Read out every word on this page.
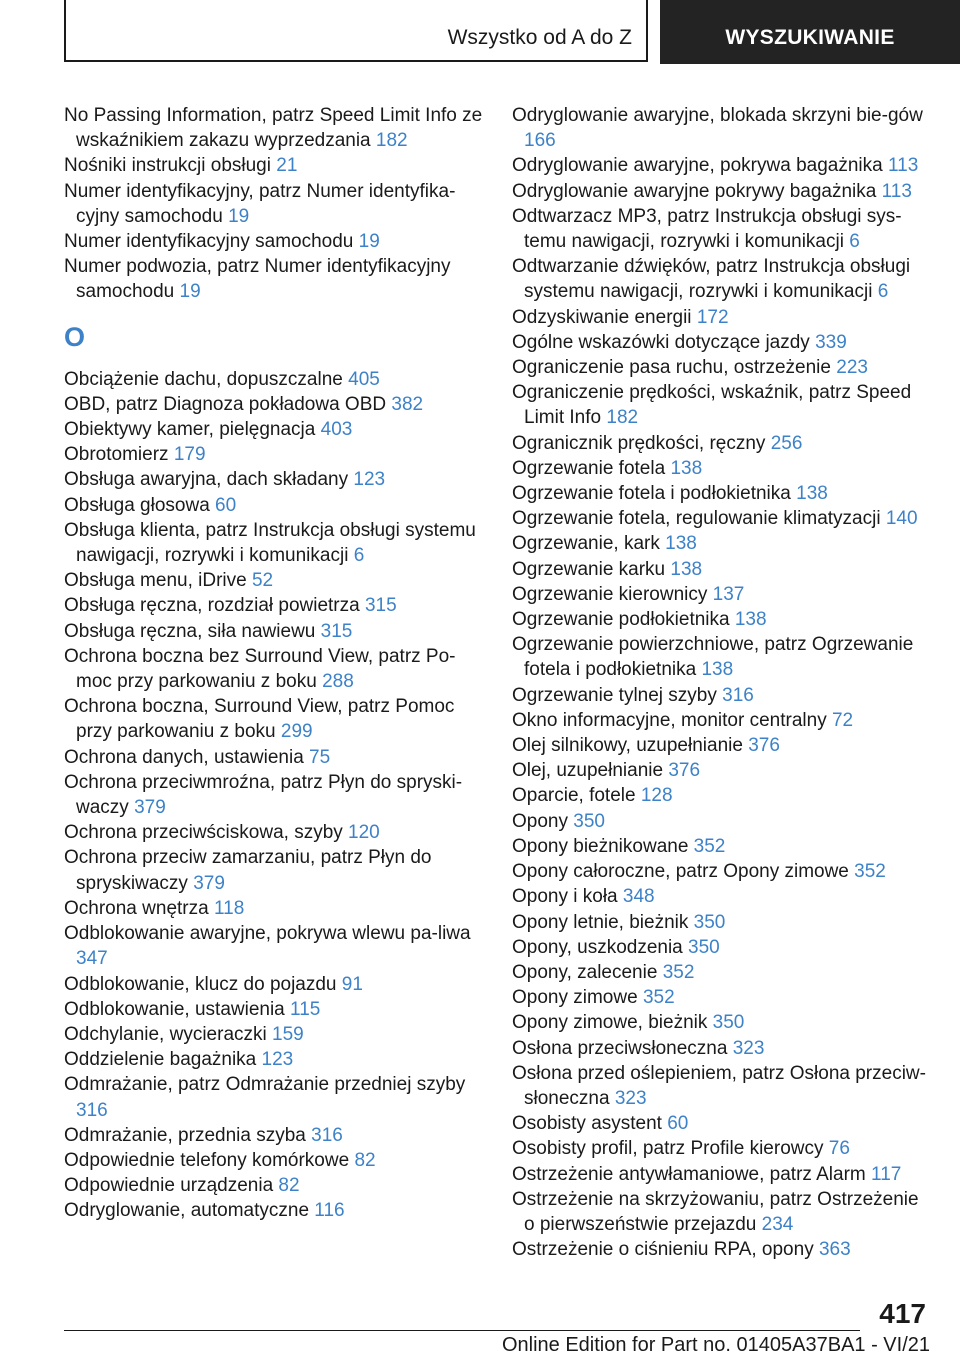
Wszystko od A do Z	WYSZUKIWANIE

No Passing Information, patrz Speed Limit Info ze wskaźnikiem zakazu wyprzedzania 182

Nośniki instrukcji obsługi 21

Numer identyfikacyjny, patrz Numer identyfika‐cyjny samochodu 19

Numer identyfikacyjny samochodu 19

Numer podwozia, patrz Numer identyfikacyjny samochodu 19

O

Obciążenie dachu, dopuszczalne 405

OBD, patrz Diagnoza pokładowa OBD 382

Obiektywy kamer, pielęgnacja 403

Obrotomierz 179

Obsługa awaryjna, dach składany 123

Obsługa głosowa 60

Obsługa klienta, patrz Instrukcja obsługi systemu nawigacji, rozrywki i komunikacji 6

Obsługa menu, iDrive 52

Obsługa ręczna, rozdział powietrza 315

Obsługa ręczna, siła nawiewu 315

Ochrona boczna bez Surround View, patrz Po‐moc przy parkowaniu z boku 288

Ochrona boczna, Surround View, patrz Pomoc przy parkowaniu z boku 299

Ochrona danych, ustawienia 75

Ochrona przeciwmroźna, patrz Płyn do spryski‐waczy 379

Ochrona przeciwściskowa, szyby 120

Ochrona przeciw zamarzaniu, patrz Płyn do spryskiwaczy 379

Ochrona wnętrza 118

Odblokowanie awaryjne, pokrywa wlewu pa‐liwa 347

Odblokowanie, klucz do pojazdu 91

Odblokowanie, ustawienia 115

Odchylanie, wycieraczki 159

Oddzielenie bagażnika 123

Odmrażanie, patrz Odmrażanie przedniej szyby 316

Odmrażanie, przednia szyba 316

Odpowiednie telefony komórkowe 82

Odpowiednie urządzenia 82

Odryglowanie, automatyczne 116

Odryglowanie awaryjne, blokada skrzyni bie‐gów 166

Odryglowanie awaryjne, pokrywa bagażnika 113

Odryglowanie awaryjne pokrywy bagażnika 113

Odtwarzacz MP3, patrz Instrukcja obsługi sys‐temu nawigacji, rozrywki i komunikacji 6

Odtwarzanie dźwięków, patrz Instrukcja obsługi systemu nawigacji, rozrywki i komunikacji 6

Odzyskiwanie energii 172

Ogólne wskazówki dotyczące jazdy 339

Ograniczenie pasa ruchu, ostrzeżenie 223

Ograniczenie prędkości, wskaźnik, patrz Speed Limit Info 182

Ogranicznik prędkości, ręczny 256

Ogrzewanie fotela 138

Ogrzewanie fotela i podłokietnika 138

Ogrzewanie fotela, regulowanie klimatyzacji 140

Ogrzewanie, kark 138

Ogrzewanie karku 138

Ogrzewanie kierownicy 137

Ogrzewanie podłokietnika 138

Ogrzewanie powierzchniowe, patrz Ogrzewanie fotela i podłokietnika 138

Ogrzewanie tylnej szyby 316

Okno informacyjne, monitor centralny 72

Olej silnikowy, uzupełnianie 376

Olej, uzupełnianie 376

Oparcie, fotele 128

Opony 350

Opony bieżnikowane 352

Opony całoroczne, patrz Opony zimowe 352

Opony i koła 348

Opony letnie, bieżnik 350

Opony, uszkodzenia 350

Opony, zalecenie 352

Opony zimowe 352

Opony zimowe, bieżnik 350

Osłona przeciwsłoneczna 323

Osłona przed oślepieniem, patrz Osłona przeciw‐słoneczna 323

Osobisty asystent 60

Osobisty profil, patrz Profile kierowcy 76

Ostrzeżenie antywłamaniowe, patrz Alarm 117

Ostrzeżenie na skrzyżowaniu, patrz Ostrzeżenie o pierwszeństwie przejazdu 234

Ostrzeżenie o ciśnieniu RPA, opony 363

417
Online Edition for Part no. 01405A37BA1 - VI/21
